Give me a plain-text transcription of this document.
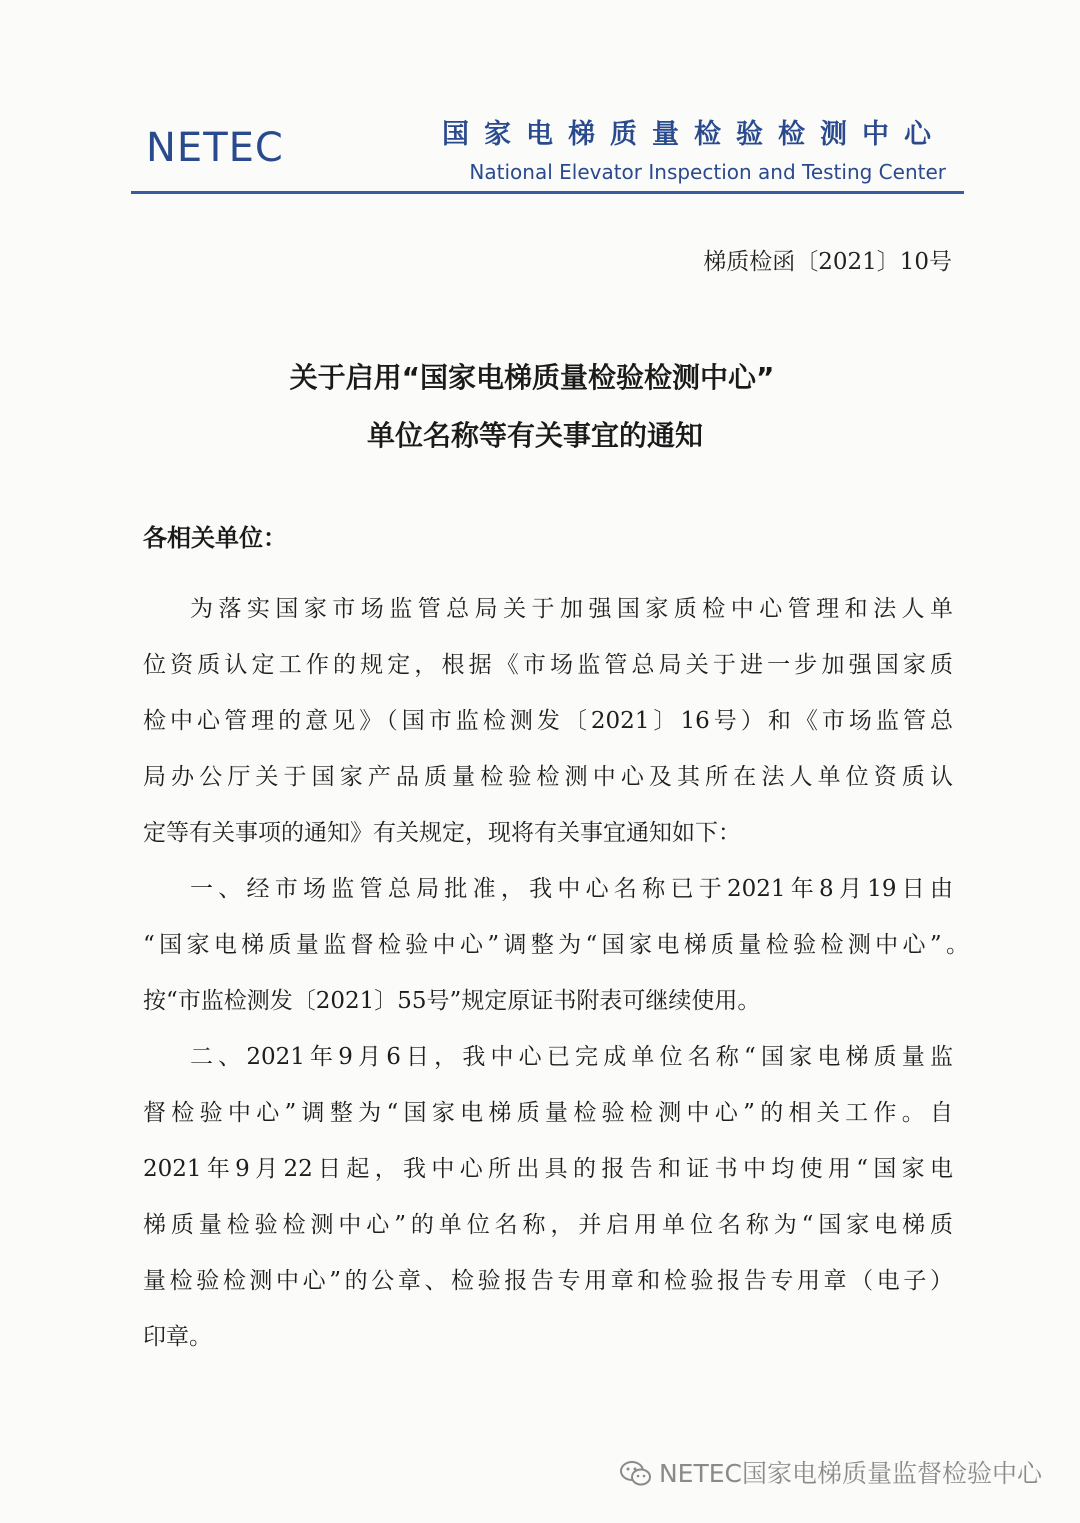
NETEC	国家电梯质量检验检测中心
National Elevator Inspection and Testing Center
梯质检函〔2021〕10号
关于启用“国家电梯质量检验检测中心”
单位名称等有关事宜的通知
各相关单位：
为落实国家市场监管总局关于加强国家质检中心管理和法人单
位资质认定工作的规定，根据《市场监管总局关于进一步加强国家质
检中心管理的意见》（国市监检测发〔2021〕16号）和《市场监管总
局办公厅关于国家产品质量检验检测中心及其所在法人单位资质认
定等有关事项的通知》有关规定，现将有关事宜通知如下：
一、经市场监管总局批准，我中心名称已于2021年8月19日由
“国家电梯质量监督检验中心”调整为“国家电梯质量检验检测中心”。
按“市监检测发〔2021〕55号”规定原证书附表可继续使用。
二、2021年9月6日，我中心已完成单位名称“国家电梯质量监
督检验中心”调整为“国家电梯质量检验检测中心”的相关工作。自
2021年9月22日起，我中心所出具的报告和证书中均使用“国家电
梯质量检验检测中心”的单位名称，并启用单位名称为“国家电梯质
量检验检测中心”的公章、检验报告专用章和检验报告专用章（电子）
印章。
NETEC国家电梯质量监督检验中心
